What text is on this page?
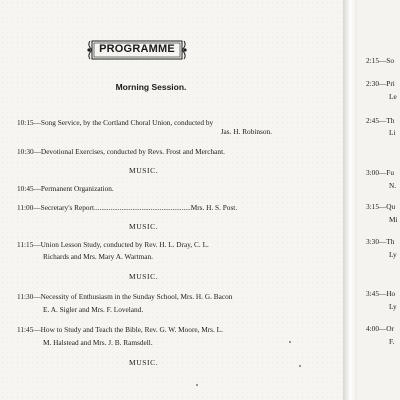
PROGRAMME
Morning Session.
10:15—Song Service, by the Cortland Choral Union, conducted by
Jas. H. Robinson.
10:30—Devotional Exercises, conducted by Revs. Frost and Merchant.
MUSIC.
10:45—Permanent Organization.
11:00—Secretary's Report.....................................................Mrs. H. S. Post.
MUSIC.
11:15—Union Lesson Study, conducted by Rev. H. L. Dray, C. L.
Richards and Mrs. Mary A. Wartman.
MUSIC.
11:30—Necessity of Enthusiasm in the Sunday School, Mrs. H. G. Bacon
E. A. Sigler and Mrs. F. Loveland.
11:45—How to Study and Teach the Bible, Rev. G. W. Moore, Mrs. L.
M. Halstead and Mrs. J. B. Ramsdell.
MUSIC.
2:15—So
2:30—Pri
Le
2:45—Th
Li
3:00—Fu
N.
3:15—Qu
Mi
3:30—Th
Ly
3:45—Ho
Ly
4:00—Or
F.
